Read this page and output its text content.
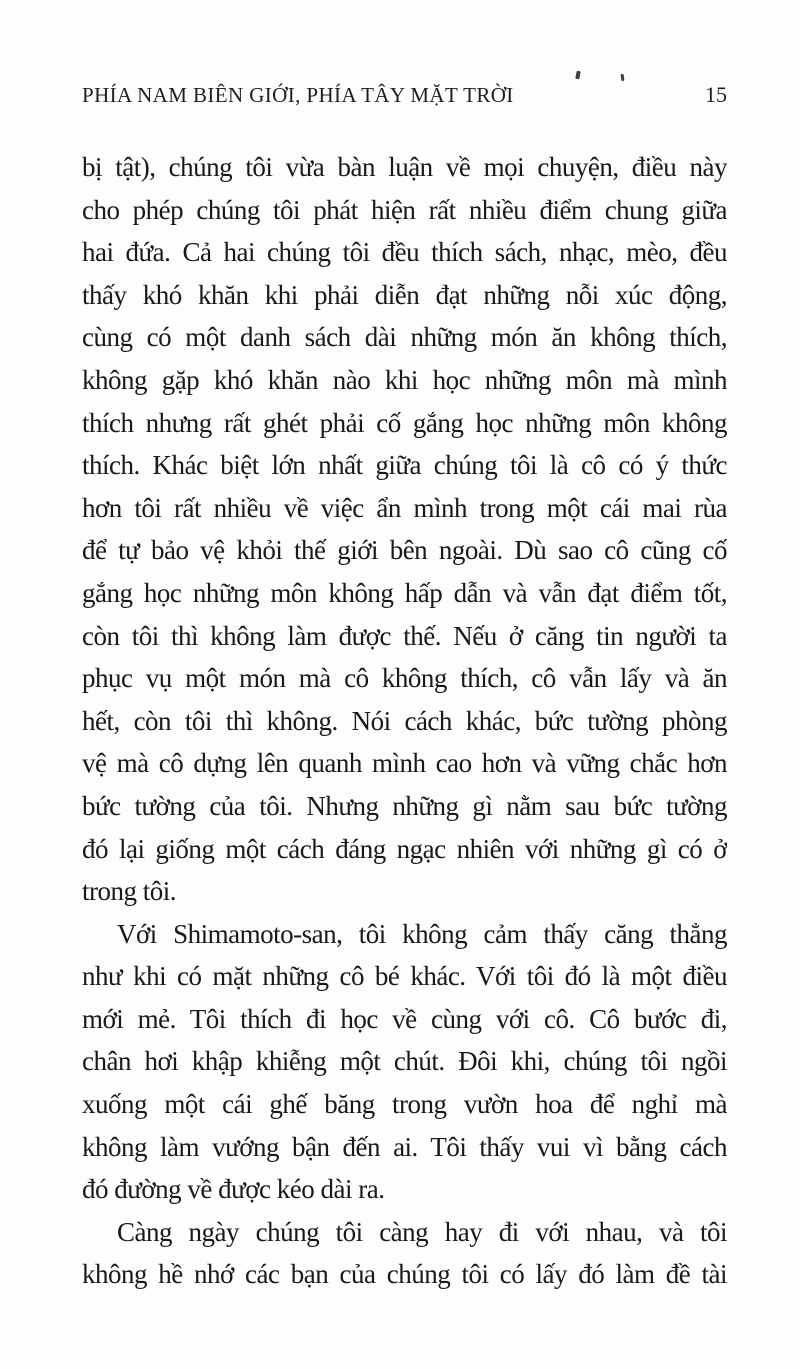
PHÍA NAM BIÊN GIỚI, PHÍA TÂY MẶT TRỜI	15
bị tật), chúng tôi vừa bàn luận về mọi chuyện, điều này
cho phép chúng tôi phát hiện rất nhiều điểm chung giữa
hai đứa. Cả hai chúng tôi đều thích sách, nhạc, mèo, đều
thấy khó khăn khi phải diễn đạt những nỗi xúc động,
cùng có một danh sách dài những món ăn không thích,
không gặp khó khăn nào khi học những môn mà mình
thích nhưng rất ghét phải cố gắng học những môn không
thích. Khác biệt lớn nhất giữa chúng tôi là cô có ý thức
hơn tôi rất nhiều về việc ẩn mình trong một cái mai rùa
để tự bảo vệ khỏi thế giới bên ngoài. Dù sao cô cũng cố
gắng học những môn không hấp dẫn và vẫn đạt điểm tốt,
còn tôi thì không làm được thế. Nếu ở căng tin người ta
phục vụ một món mà cô không thích, cô vẫn lấy và ăn
hết, còn tôi thì không. Nói cách khác, bức tường phòng
vệ mà cô dựng lên quanh mình cao hơn và vững chắc hơn
bức tường của tôi. Nhưng những gì nằm sau bức tường
đó lại giống một cách đáng ngạc nhiên với những gì có ở
trong tôi.
Với Shimamoto-san, tôi không cảm thấy căng thẳng
như khi có mặt những cô bé khác. Với tôi đó là một điều
mới mẻ. Tôi thích đi học về cùng với cô. Cô bước đi,
chân hơi khập khiễng một chút. Đôi khi, chúng tôi ngồi
xuống một cái ghế băng trong vườn hoa để nghỉ mà
không làm vướng bận đến ai. Tôi thấy vui vì bằng cách
đó đường về được kéo dài ra.
Càng ngày chúng tôi càng hay đi với nhau, và tôi
không hề nhớ các bạn của chúng tôi có lấy đó làm đề tài
